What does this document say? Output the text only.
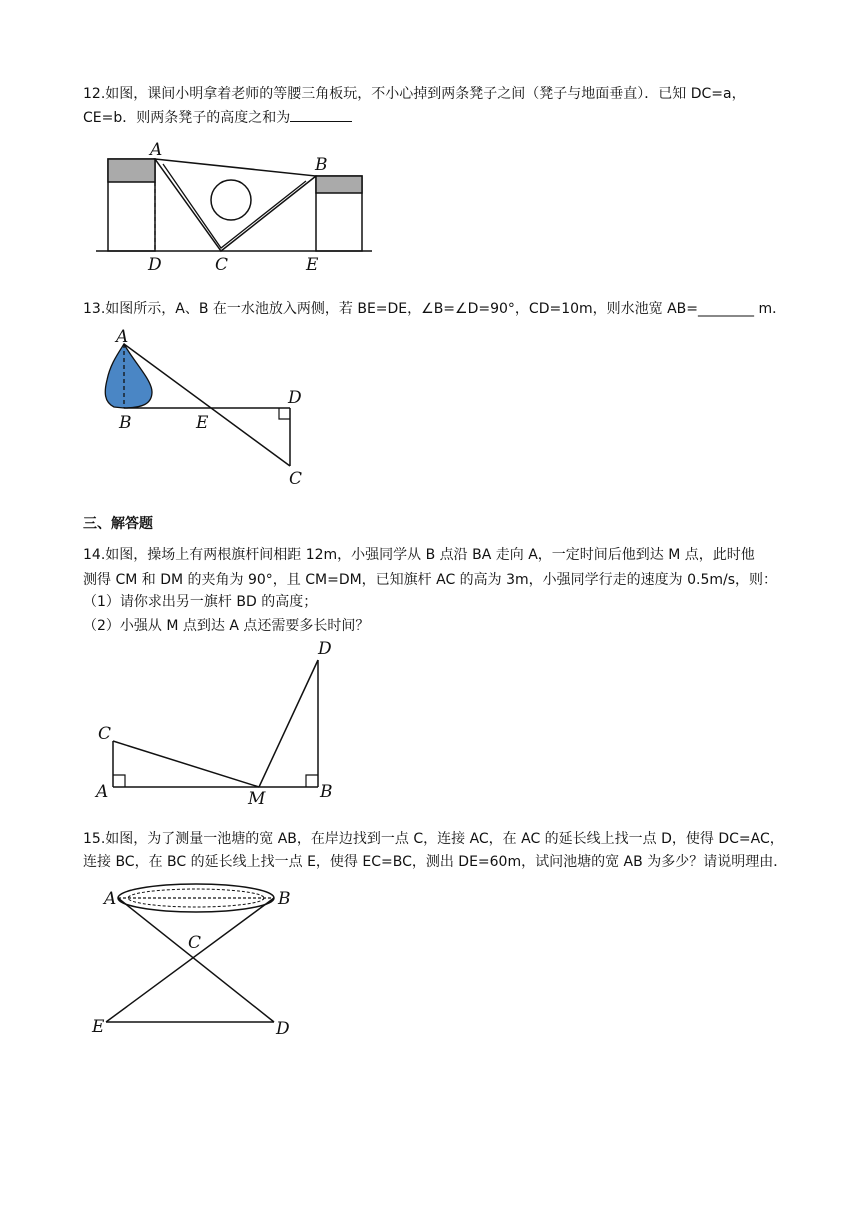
12.如图，课间小明拿着老师的等腰三角板玩，不小心掉到两条凳子之间（凳子与地面垂直）．已知 DC=a，
CE=b．则两条凳子的高度之和为
A
B
D	C	E
13.如图所示，A、B 在一水池放入两侧，若 BE=DE，∠B=∠D=90°，CD=10m，则水池宽 AB=________ m．
A
B	E
D
C
三、解答题
14.如图，操场上有两根旗杆间相距 12m，小强同学从 B 点沿 BA 走向 A，一定时间后他到达 M 点，此时他
测得 CM 和 DM 的夹角为 90°，且 CM=DM，已知旗杆 AC 的高为 3m，小强同学行走的速度为 0.5m/s，则：
（1）请你求出另一旗杆 BD 的高度；
（2）小强从 M 点到达 A 点还需要多长时间？
D
C
A	M	B
15.如图，为了测量一池塘的宽 AB，在岸边找到一点 C，连接 AC，在 AC 的延长线上找一点 D，使得 DC=AC，
连接 BC，在 BC 的延长线上找一点 E，使得 EC=BC，测出 DE=60m，试问池塘的宽 AB 为多少？请说明理由．
A	B
C
E	D
